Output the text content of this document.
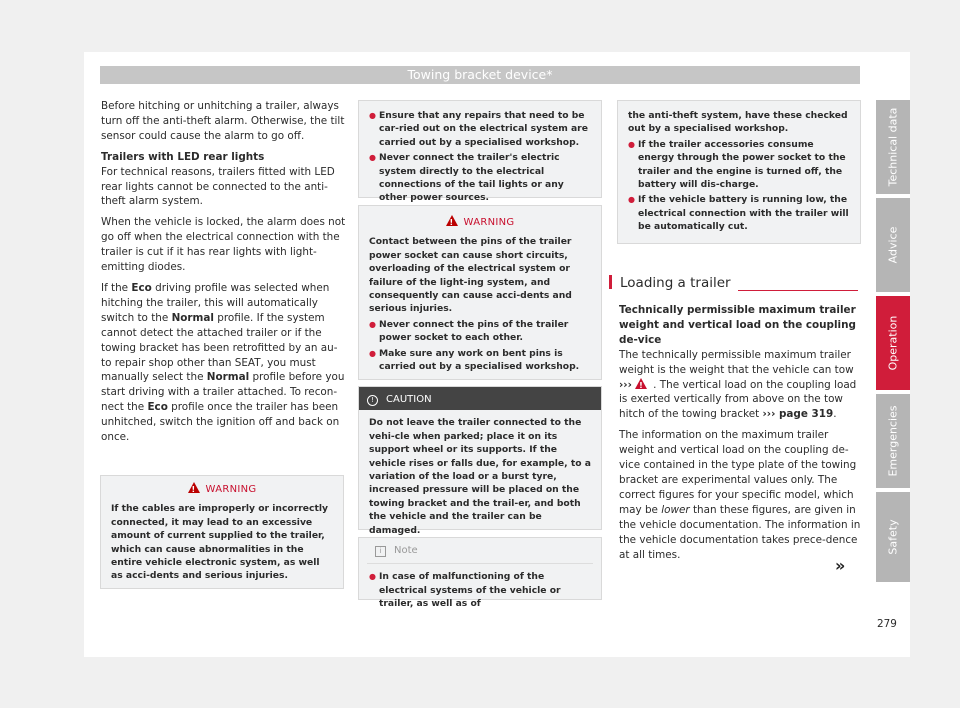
Towing bracket device*

Before hitching or unhitching a trailer, always turn off the anti-theft alarm. Otherwise, the tilt sensor could cause the alarm to go off.

Trailers with LED rear lights

For technical reasons, trailers fitted with LED rear lights cannot be connected to the anti-theft alarm system.

When the vehicle is locked, the alarm does not go off when the electrical connection with the trailer is cut if it has rear lights with light-emitting diodes.

If the Eco driving profile was selected when hitching the trailer, this will automatically switch to the Normal profile. If the system cannot detect the attached trailer or if the towing bracket has been retrofitted by an au-to repair shop other than SEAT, you must manually select the Normal profile before you start driving with a trailer attached. To recon-nect the Eco profile once the trailer has been unhitched, switch the ignition off and back on once.

!WARNING
If the cables are improperly or incorrectly connected, it may lead to an excessive amount of current supplied to the trailer, which can cause abnormalities in the entire vehicle electronic system, as well as acci-dents and serious injuries.
● Ensure that any repairs that need to be car-ried out on the electrical system are carried out by a specialised workshop.
● Never connect the trailer's electric system directly to the electrical connections of the tail lights or any other power sources.
!WARNING
Contact between the pins of the trailer power socket can cause short circuits, overloading of the electrical system or failure of the light-ing system, and consequently can cause acci-dents and serious injuries.
● Never connect the pins of the trailer power socket to each other.
● Make sure any work on bent pins is carried out by a specialised workshop.
! CAUTION
Do not leave the trailer connected to the vehi-cle when parked; place it on its support wheel or its supports. If the vehicle rises or falls due, for example, to a variation of the load or a burst tyre, increased pressure will be placed on the towing bracket and the trail-er, and both the vehicle and the trailer can be damaged.
i Note
● In case of malfunctioning of the electrical systems of the vehicle or trailer, as well as of
the anti-theft system, have these checked out by a specialised workshop.
● If the trailer accessories consume energy through the power socket to the trailer and the engine is turned off, the battery will dis-charge.
● If the vehicle battery is running low, the electrical connection with the trailer will be automatically cut.
Loading a trailer

Technically permissible maximum trailer weight and vertical load on the coupling de-vice

The technically permissible maximum trailer weight is the weight that the vehicle can tow ››› ! . The vertical load on the coupling load is exerted vertically from above on the tow hitch of the towing bracket ››› page 319.

The information on the maximum trailer weight and vertical load on the coupling de-vice contained in the type plate of the towing bracket are experimental values only. The correct figures for your specific model, which may be lower than these figures, are given in the vehicle documentation. The information in the vehicle documentation takes prece-dence at all times.

»
Technical data
Advice
Operation
Emergencies
Safety
279
